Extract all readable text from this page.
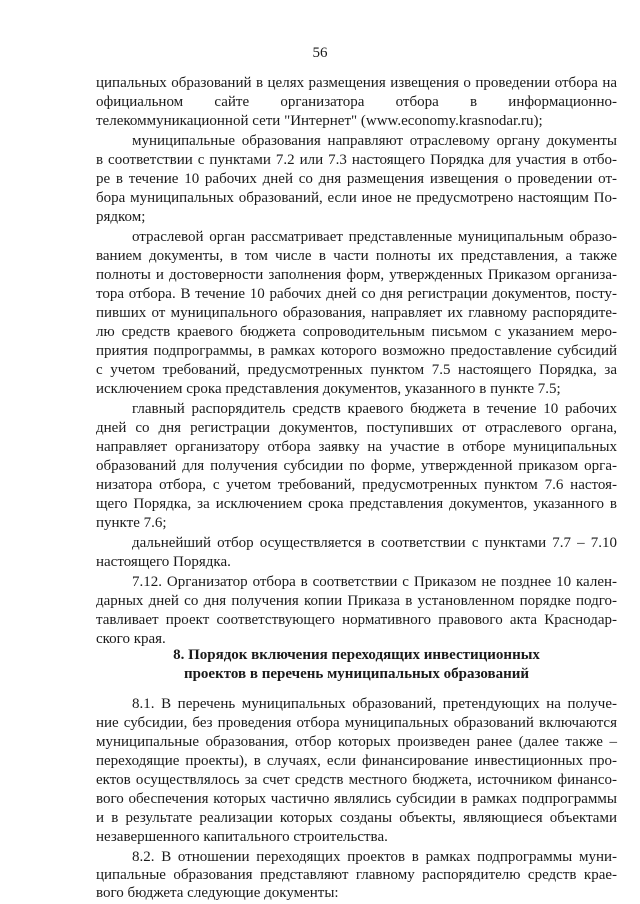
56
ципальных образований в целях размещения извещения о проведении отбора на
официальном сайте организатора отбора в информационно-
телекоммуникационной сети "Интернет" (www.economy.krasnodar.ru);
муниципальные образования направляют отраслевому органу документы
в соответствии с пунктами 7.2 или 7.3 настоящего Порядка для участия в отбо-
ре в течение 10 рабочих дней со дня размещения извещения о проведении от-
бора муниципальных образований, если иное не предусмотрено настоящим По-
рядком;
отраслевой орган рассматривает представленные муниципальным образо-
ванием документы, в том числе в части полноты их представления, а также
полноты и достоверности заполнения форм, утвержденных Приказом организа-
тора отбора. В течение 10 рабочих дней со дня регистрации документов, посту-
пивших от муниципального образования, направляет их главному распорядите-
лю средств краевого бюджета сопроводительным письмом с указанием меро-
приятия подпрограммы, в рамках которого возможно предоставление субсидий
с учетом требований, предусмотренных пунктом 7.5 настоящего Порядка, за
исключением срока представления документов, указанного в пункте 7.5;
главный распорядитель средств краевого бюджета в течение 10 рабочих
дней со дня регистрации документов, поступивших от отраслевого органа,
направляет организатору отбора заявку на участие в отборе муниципальных
образований для получения субсидии по форме, утвержденной приказом орга-
низатора отбора, с учетом требований, предусмотренных пунктом 7.6 настоя-
щего Порядка, за исключением срока представления документов, указанного в
пункте 7.6;
дальнейший отбор осуществляется в соответствии с пунктами 7.7 – 7.10
настоящего Порядка.
7.12. Организатор отбора в соответствии с Приказом не позднее 10 кален-
дарных дней со дня получения копии Приказа в установленном порядке подго-
тавливает проект соответствующего нормативного правового акта Краснодар-
ского края.
8. Порядок включения переходящих инвестиционных
проектов в перечень муниципальных образований
8.1. В перечень муниципальных образований, претендующих на получе-
ние субсидии, без проведения отбора муниципальных образований включаются
муниципальные образования, отбор которых произведен ранее (далее также –
переходящие проекты), в случаях, если финансирование инвестиционных про-
ектов осуществлялось за счет средств местного бюджета, источником финансо-
вого обеспечения которых частично являлись субсидии в рамках подпрограммы
и в результате реализации которых созданы объекты, являющиеся объектами
незавершенного капитального строительства.
8.2. В отношении переходящих проектов в рамках подпрограммы муни-
ципальные образования представляют главному распорядителю средств крае-
вого бюджета следующие документы:
